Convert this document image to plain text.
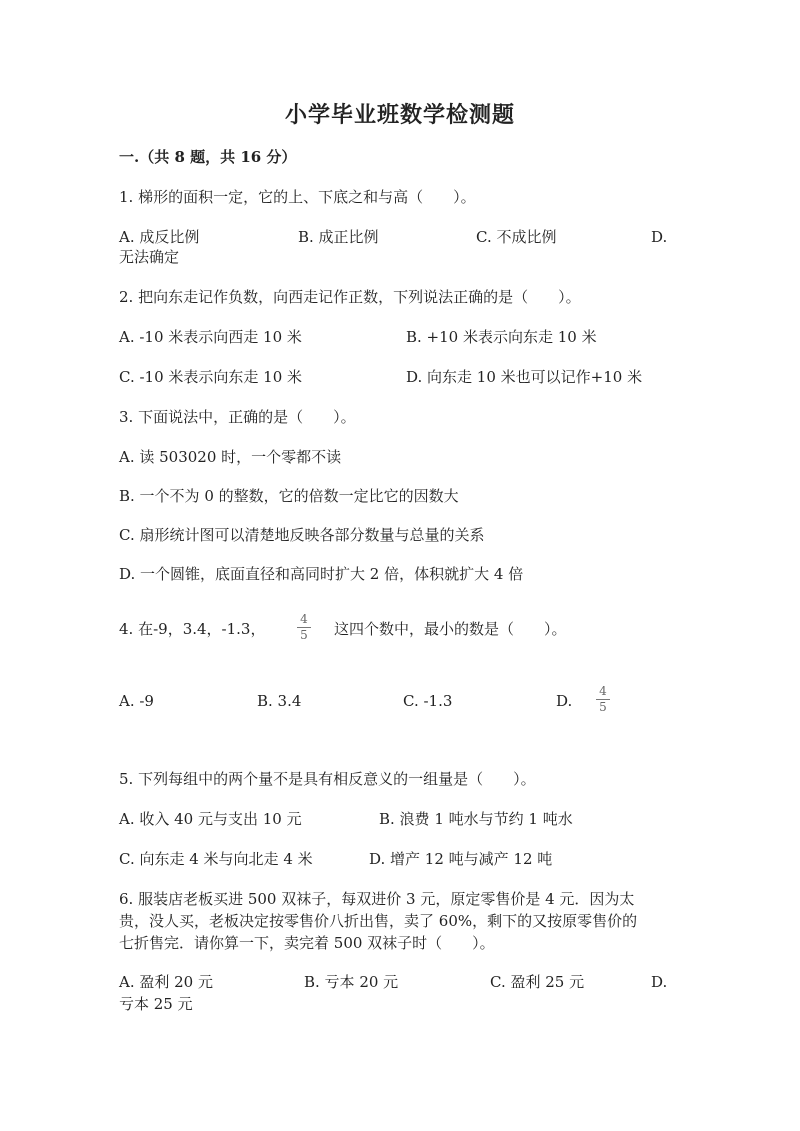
小学毕业班数学检测题
一.（共 8 题，共 16 分）
1. 梯形的面积一定，它的上、下底之和与高（　　）。
A. 成反比例	B. 成正比例	C. 不成比例	D.
无法确定
2. 把向东走记作负数，向西走记作正数，下列说法正确的是（　　）。
A. -10 米表示向西走 10 米	B. +10 米表示向东走 10 米
C. -10 米表示向东走 10 米	D. 向东走 10 米也可以记作+10 米
3. 下面说法中，正确的是（　　）。
A. 读 503020 时，一个零都不读
B. 一个不为 0 的整数，它的倍数一定比它的因数大
C. 扇形统计图可以清楚地反映各部分数量与总量的关系
D. 一个圆锥，底面直径和高同时扩大 2 倍，体积就扩大 4 倍
4. 在-9，3.4，-1.3，
4
5 这四个数中，最小的数是（　　）。
A. -9	B. 3.4	C. -1.3	D.
4
5
5. 下列每组中的两个量不是具有相反意义的一组量是（　　）。
A. 收入 40 元与支出 10 元	B. 浪费 1 吨水与节约 1 吨水
C. 向东走 4 米与向北走 4 米	D. 增产 12 吨与减产 12 吨
6. 服装店老板买进 500 双袜子，每双进价 3 元，原定零售价是 4 元．因为太
贵，没人买，老板决定按零售价八折出售，卖了 60%，剩下的又按原零售价的
七折售完．请你算一下，卖完着 500 双袜子时（　　）。
A. 盈利 20 元	B. 亏本 20 元	C. 盈利 25 元	D.
亏本 25 元
